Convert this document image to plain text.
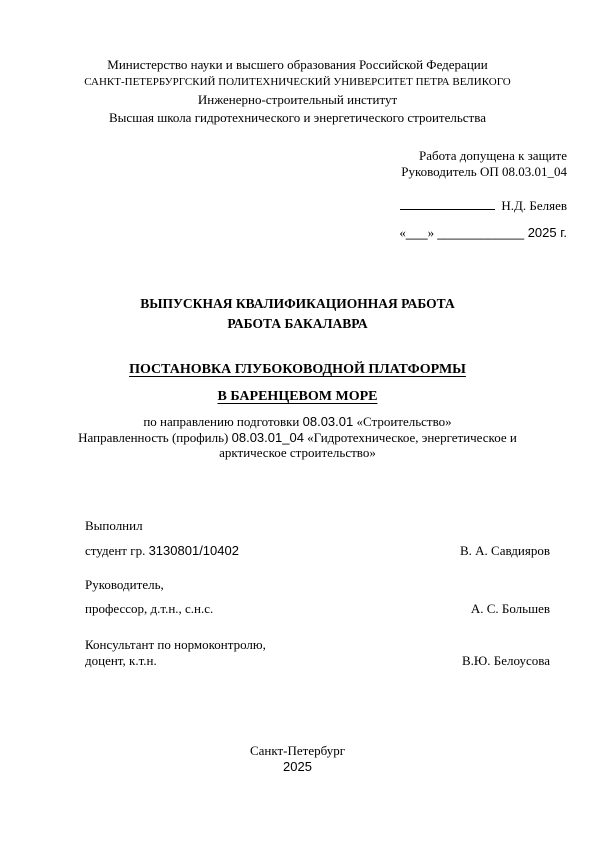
Министерство науки и высшего образования Российской Федерации
САНКТ-ПЕТЕРБУРГСКИЙ ПОЛИТЕХНИЧЕСКИЙ УНИВЕРСИТЕТ ПЕТРА ВЕЛИКОГО
Инженерно-строительный институт
Высшая школа гидротехнического и энергетического строительства
Работа допущена к защите
Руководитель ОП 08.03.01_04
Н.Д. Беляев
«___» ____________ 2025 г.
ВЫПУСКНАЯ КВАЛИФИКАЦИОННАЯ РАБОТА
РАБОТА БАКАЛАВРА
ПОСТАНОВКА ГЛУБОКОВОДНОЙ ПЛАТФОРМЫ
В БАРЕНЦЕВОМ МОРЕ
по направлению подготовки 08.03.01 «Строительство»
Направленность (профиль) 08.03.01_04 «Гидротехническое, энергетическое и
арктическое строительство»
Выполнил
студент гр. 3130801/10402	В. А. Савдияров
Руководитель,
профессор, д.т.н., с.н.с.	А. С. Большев
Консультант по нормоконтролю,
доцент, к.т.н.	В.Ю. Белоусова
Санкт-Петербург
2025
